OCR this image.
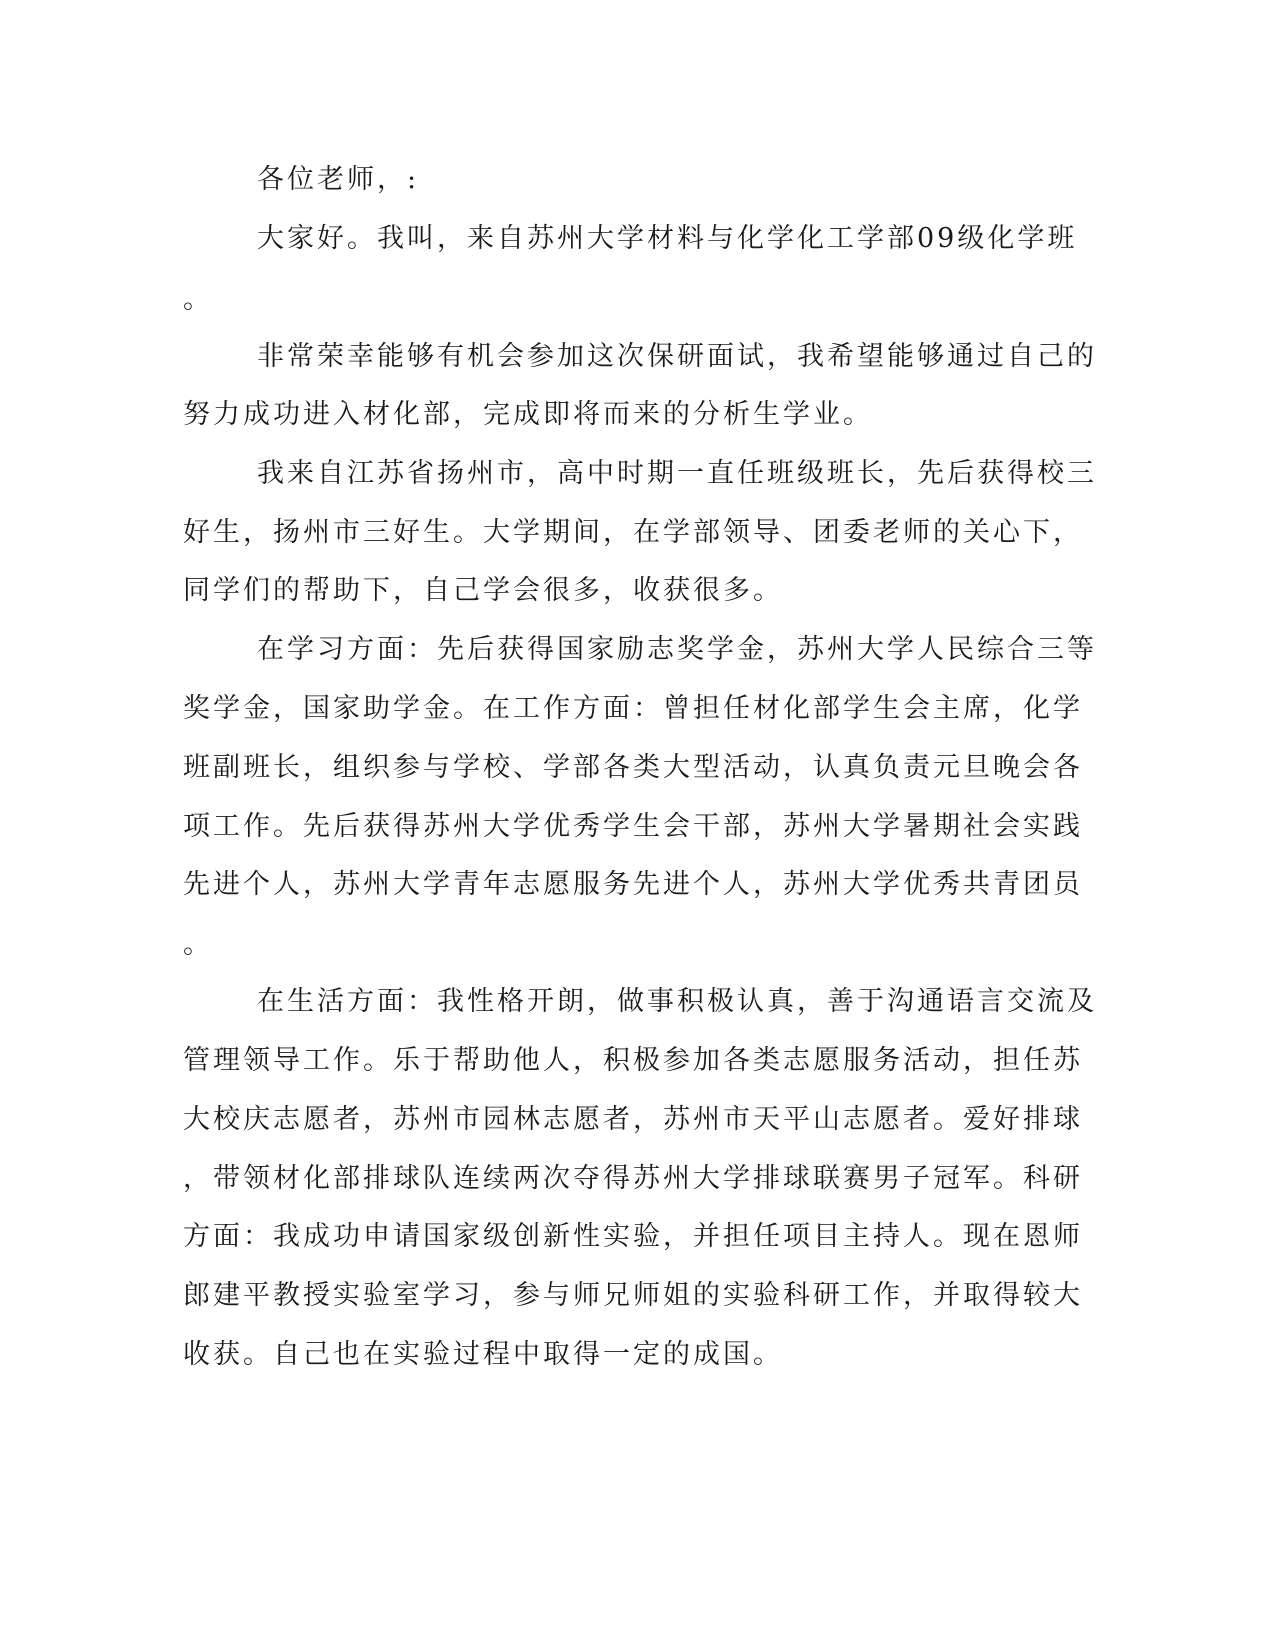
各位老师，:
大家好。我叫，来自苏州大学材料与化学化工学部09级化学班
。
非常荣幸能够有机会参加这次保研面试，我希望能够通过自己的
努力成功进入材化部，完成即将而来的分析生学业。
我来自江苏省扬州市，高中时期一直任班级班长，先后获得校三
好生，扬州市三好生。大学期间，在学部领导、团委老师的关心下，
同学们的帮助下，自己学会很多，收获很多。
在学习方面：先后获得国家励志奖学金，苏州大学人民综合三等
奖学金，国家助学金。在工作方面：曾担任材化部学生会主席，化学
班副班长，组织参与学校、学部各类大型活动，认真负责元旦晚会各
项工作。先后获得苏州大学优秀学生会干部，苏州大学暑期社会实践
先进个人，苏州大学青年志愿服务先进个人，苏州大学优秀共青团员
。
在生活方面：我性格开朗，做事积极认真，善于沟通语言交流及
管理领导工作。乐于帮助他人，积极参加各类志愿服务活动，担任苏
大校庆志愿者，苏州市园林志愿者，苏州市天平山志愿者。爱好排球
，带领材化部排球队连续两次夺得苏州大学排球联赛男子冠军。科研
方面：我成功申请国家级创新性实验，并担任项目主持人。现在恩师
郎建平教授实验室学习，参与师兄师姐的实验科研工作，并取得较大
收获。自己也在实验过程中取得一定的成国。
